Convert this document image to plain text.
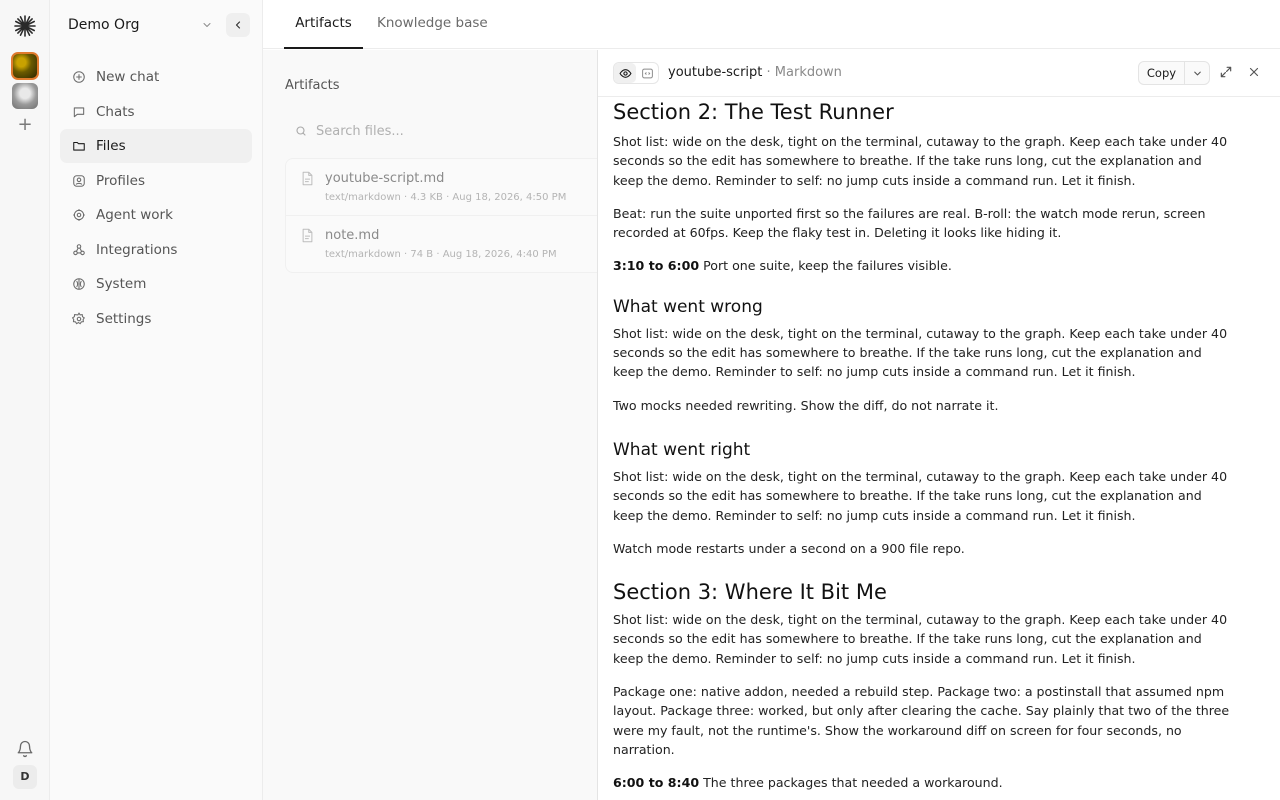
+
D
Demo Org
New chat
Chats
Files
Profiles
Agent work
Integrations
System
Settings
Artifacts	Knowledge base
Artifacts
Search files...
youtube-script.md
text/markdown · 4.3 KB · Aug 18, 2026, 4:50 PM
note.md
text/markdown · 74 B · Aug 18, 2026, 4:40 PM
youtube-script · Markdown	Copy
Section 2: The Test Runner

Shot list: wide on the desk, tight on the terminal, cutaway to the graph. Keep each take under 40 seconds so the edit has somewhere to breathe. If the take runs long, cut the explanation and keep the demo. Reminder to self: no jump cuts inside a command run. Let it finish.

Beat: run the suite unported first so the failures are real. B-roll: the watch mode rerun, screen recorded at 60fps. Keep the flaky test in. Deleting it looks like hiding it.

3:10 to 6:00 Port one suite, keep the failures visible.

What went wrong

Shot list: wide on the desk, tight on the terminal, cutaway to the graph. Keep each take under 40 seconds so the edit has somewhere to breathe. If the take runs long, cut the explanation and keep the demo. Reminder to self: no jump cuts inside a command run. Let it finish.

Two mocks needed rewriting. Show the diff, do not narrate it.

What went right

Shot list: wide on the desk, tight on the terminal, cutaway to the graph. Keep each take under 40 seconds so the edit has somewhere to breathe. If the take runs long, cut the explanation and keep the demo. Reminder to self: no jump cuts inside a command run. Let it finish.

Watch mode restarts under a second on a 900 file repo.

Section 3: Where It Bit Me

Shot list: wide on the desk, tight on the terminal, cutaway to the graph. Keep each take under 40 seconds so the edit has somewhere to breathe. If the take runs long, cut the explanation and keep the demo. Reminder to self: no jump cuts inside a command run. Let it finish.

Package one: native addon, needed a rebuild step. Package two: a postinstall that assumed npm layout. Package three: worked, but only after clearing the cache. Say plainly that two of the three were my fault, not the runtime's. Show the workaround diff on screen for four seconds, no narration.

6:00 to 8:40 The three packages that needed a workaround.
